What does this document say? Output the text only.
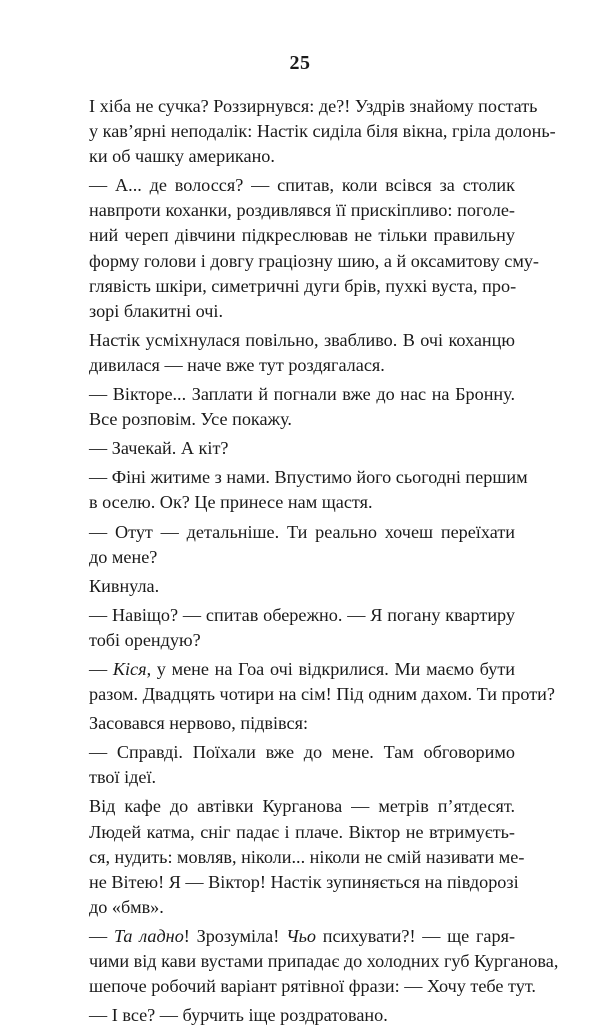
25

І хіба не сучка? Роззирнувся: де?! Уздрів знайому постать
у кав’ярні неподалік: Настік сиділа біля вікна, гріла долонь-
ки об чашку американо.

— А... де волосся? — спитав, коли всівся за столик
навпроти коханки, роздивлявся її прискіпливо: поголе-
ний череп дівчини підкреслював не тільки правильну
форму голови і довгу граціозну шию, а й оксамитову сму-
глявість шкіри, симетричні дуги брів, пухкі вуста, про-
зорі блакитні очі.

Настік усміхнулася повільно, звабливо. В очі коханцю
дивилася — наче вже тут роздягалася.

— Вікторе... Заплати й погнали вже до нас на Бронну.
Все розповім. Усе покажу.

— Зачекай. А кіт?

— Фіні житиме з нами. Впустимо його сьогодні першим
в оселю. Ок? Це принесе нам щастя.

— Отут — детальніше. Ти реально хочеш переїхати
до мене?

Кивнула.

— Навіщо? — спитав обережно. — Я погану квартиру
тобі орендую?

— Кіся, у мене на Гоа очі відкрилися. Ми маємо бути
разом. Двадцять чотири на сім! Під одним дахом. Ти проти?

Засовався нервово, підвівся:

— Справді. Поїхали вже до мене. Там обговоримо
твої ідеї.

Від кафе до автівки Курганова — метрів п’ятдесят.
Людей катма, сніг падає і плаче. Віктор не втримуєть-
ся, нудить: мовляв, ніколи... ніколи не смій називати ме-
не Вітею! Я — Віктор! Настік зупиняється на півдорозі
до «бмв».

— Та ладно! Зрозуміла! Чьо психувати?! — ще гаря-
чими від кави вустами припадає до холодних губ Курганова,
шепоче робочий варіант рятівної фрази: — Хочу тебе тут.

— І все? — бурчить іще роздратовано.
